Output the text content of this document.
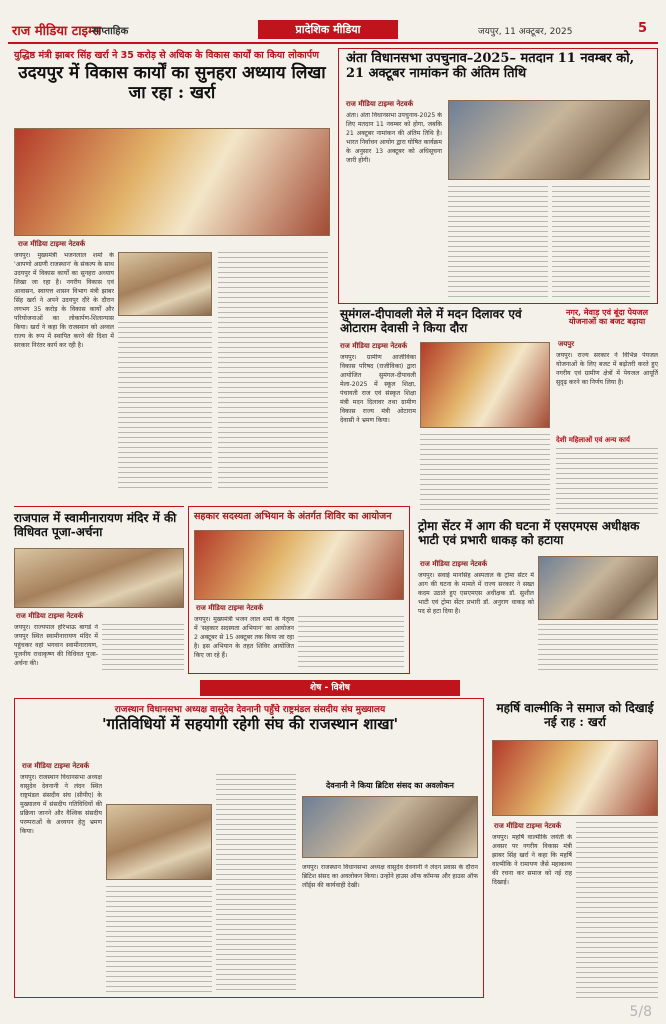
राज मीडिया टाइम्स
साप्ताहिक	प्रादेशिक मीडिया	जयपुर, 11 अक्टूबर, 2025	5
युद्धिष्ठ मंत्री झाबर सिंह खर्रा ने 35 करोड़ से अधिक के विकास कार्यों का किया लोकार्पण
उदयपुर में विकास कार्यों का सुनहरा अध्याय लिखा जा रहा : खर्रा
राज मीडिया टाइम्स नेटवर्क

जयपुर। मुख्यमंत्री भजनलाल शर्मा के 'आपणो अग्रणी राजस्थान' के संकल्प के साथ उदयपुर में विकास कार्यों का सुनहरा अध्याय लिखा जा रहा है। नगरीय विकास एवं आवासन, स्वायत्त शासन विभाग मंत्री झाबर सिंह खर्रा ने अपने उदयपुर दौरे के दौरान लगभग 35 करोड़ के विकास कार्यों और परियोजनाओं का लोकार्पण-शिलान्यास किया। खर्रा ने कहा कि राजस्थान को अव्वल राज्य के रूप में स्थापित करने की दिशा में सरकार निरंतर कार्य कर रही है।

अंता विधानसभा उपचुनाव–2025– मतदान 11 नवम्बर को, 21 अक्टूबर नामांकन की अंतिम तिथि
राज मीडिया टाइम्स नेटवर्क

अंता। अंता विधानसभा उपचुनाव-2025 के लिए मतदान 11 नवम्बर को होगा, जबकि 21 अक्टूबर नामांकन की अंतिम तिथि है। भारत निर्वाचन आयोग द्वारा घोषित कार्यक्रम के अनुसार 13 अक्टूबर को अधिसूचना जारी होगी।

सुमंगल-दीपावली मेले में मदन दिलावर एवं ओटाराम देवासी ने किया दौरा
राज मीडिया टाइम्स नेटवर्क

जयपुर। ग्रामीण आजीविका विकास परिषद (राजीविका) द्वारा आयोजित सुमंगल-दीपावली मेला-2025 में स्कूल शिक्षा, पंचायती राज एवं संस्कृत शिक्षा मंत्री मदन दिलावर तथा ग्रामीण विकास राज्य मंत्री ओटाराम देवासी ने भ्रमण किया।

नगर, मेवाड़ एवं बूंदा पेयजल योजनाओं का बजट बढ़ाया
जयपुर

जयपुर। राज्य सरकार ने विभिन्न पेयजल योजनाओं के लिए बजट में बढ़ोतरी करते हुए नगरीय एवं ग्रामीण क्षेत्रों में पेयजल आपूर्ति सुदृढ़ करने का निर्णय लिया है।

देशी महिलाओं एवं अन्य कार्य
राजपाल में स्वामीनारायण मंदिर में की विधिवत पूजा-अर्चना
राज मीडिया टाइम्स नेटवर्क

जयपुर। राज्यपाल हरिभाऊ बागडे ने जयपुर स्थित स्वामीनारायण मंदिर में पहुंचकर वहां भगवान स्वामीनारायण, पूजनीय राधाकृष्ण की विधिवत पूजा-अर्चना की।

सहकार सदस्यता अभियान के अंतर्गत शिविर का आयोजन
राज मीडिया टाइम्स नेटवर्क

जयपुर। मुख्यमंत्री भजन लाल शर्मा के नेतृत्व में 'सहकार सदस्यता अभियान' का आयोजन 2 अक्टूबर से 15 अक्टूबर तक किया जा रहा है। इस अभियान के तहत शिविर आयोजित किए जा रहे हैं।

ट्रोमा सेंटर में आग की घटना में एसएमएस अधीक्षक भाटी एवं प्रभारी धाकड़ को हटाया
राज मीडिया टाइम्स नेटवर्क

जयपुर। सवाई मानसिंह अस्पताल के ट्रोमा सेंटर में आग की घटना के मामले में राज्य सरकार ने सख्त कदम उठाते हुए एसएमएस अधीक्षक डॉ. सुशील भाटी एवं ट्रोमा सेंटर प्रभारी डॉ. अनुराग धाकड़ को पद से हटा दिया है।

शेष - विशेष
राजस्थान विधानसभा अध्यक्ष वासुदेव देवनानी पहुँचे राष्ट्रमंडल संसदीय संघ मुख्यालय
'गतिविधियों में सहयोगी रहेगी संघ की राजस्थान शाखा'
राज मीडिया टाइम्स नेटवर्क

जयपुर। राजस्थान विधानसभा अध्यक्ष वासुदेव देवनानी ने लंदन स्थित राष्ट्रमंडल संसदीय संघ (सीपीए) के मुख्यालय में संसदीय गतिविधियों की प्रक्रिया जानने और वैश्विक संसदीय परम्पराओं के अध्ययन हेतु भ्रमण किया।

देवनानी ने किया ब्रिटिश संसद का अवलोकन

जयपुर। राजस्थान विधानसभा अध्यक्ष वासुदेव देवनानी ने लंदन प्रवास के दौरान ब्रिटिश संसद का अवलोकन किया। उन्होंने हाउस ऑफ कॉमन्स और हाउस ऑफ लॉर्ड्स की कार्यवाही देखी।

महर्षि वाल्मीकि ने समाज को दिखाई नई राह : खर्रा
राज मीडिया टाइम्स नेटवर्क

जयपुर। महर्षि वाल्मीकि जयंती के अवसर पर नगरीय विकास मंत्री झाबर सिंह खर्रा ने कहा कि महर्षि वाल्मीकि ने रामायण जैसे महाकाव्य की रचना कर समाज को नई राह दिखाई।

5/8
